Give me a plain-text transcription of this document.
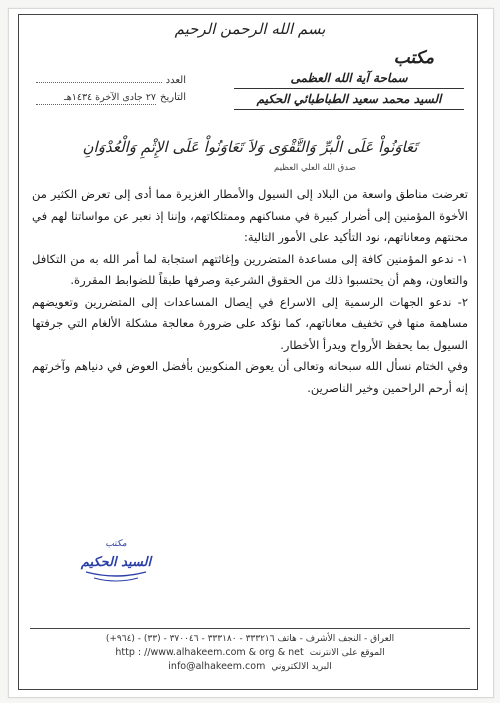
بسم الله الرحمن الرحيم
مكتب
سماحة آية الله العظمى
السيد محمد سعيد الطباطبائي الحكيم
العدد
التاريخ
٢٧ جادى الآخرة ١٤٣٤هـ
تَعَاوَنُواْ عَلَى الْبرِّ وَالتَّقْوَى وَلاَ تَعَاوَنُواْ عَلَى الإِثْمِ وَالْعُدْوَانِ
صدق الله العلي العظيم

تعرضت مناطق واسعة من البلاد إلى السيول والأمطار الغزيرة مما أدى إلى تعرض الكثير من الأخوة المؤمنين إلى أضرار كبيرة في مساكنهم وممتلكاتهم، وإننا إذ نعبر عن مواساتنا لهم في محنتهم ومعاناتهم، نود التأكيد على الأمور التالية:

١- ندعو المؤمنين كافة إلى مساعدة المتضررين وإغاثتهم استجابة لما أمر الله به من التكافل والتعاون، وهم أن يحتسبوا ذلك من الحقوق الشرعية وصرفها طبقاً للضوابط المقررة.

٢- ندعو الجهات الرسمية إلى الاسراع في إيصال المساعدات إلى المتضررين وتعويضهم مساهمة منها في تخفيف معاناتهم، كما نؤكد على ضرورة معالجة مشكلة الألغام التي جرفتها السيول بما يحفظ الأرواح ويدرأ الأخطار.

وفي الختام نسأل الله سبحانه وتعالى أن يعوض المنكوبين بأفضل العوض في دنياهم وآخرتهم إنه أرحم الراحمين وخير الناصرين.

مكتب
السيد الحكيم
العراق - النجف الأشرف - هاتف ٣٣٣٢١٦ - ٣٣٣١٨٠ - ٣٧٠٠٤٦ - (٣٣) - (٩٦٤+)
الموقع على الانترنت
http : //www.alhakeem.com & org & net
البريد الالكتروني
info@alhakeem.com
